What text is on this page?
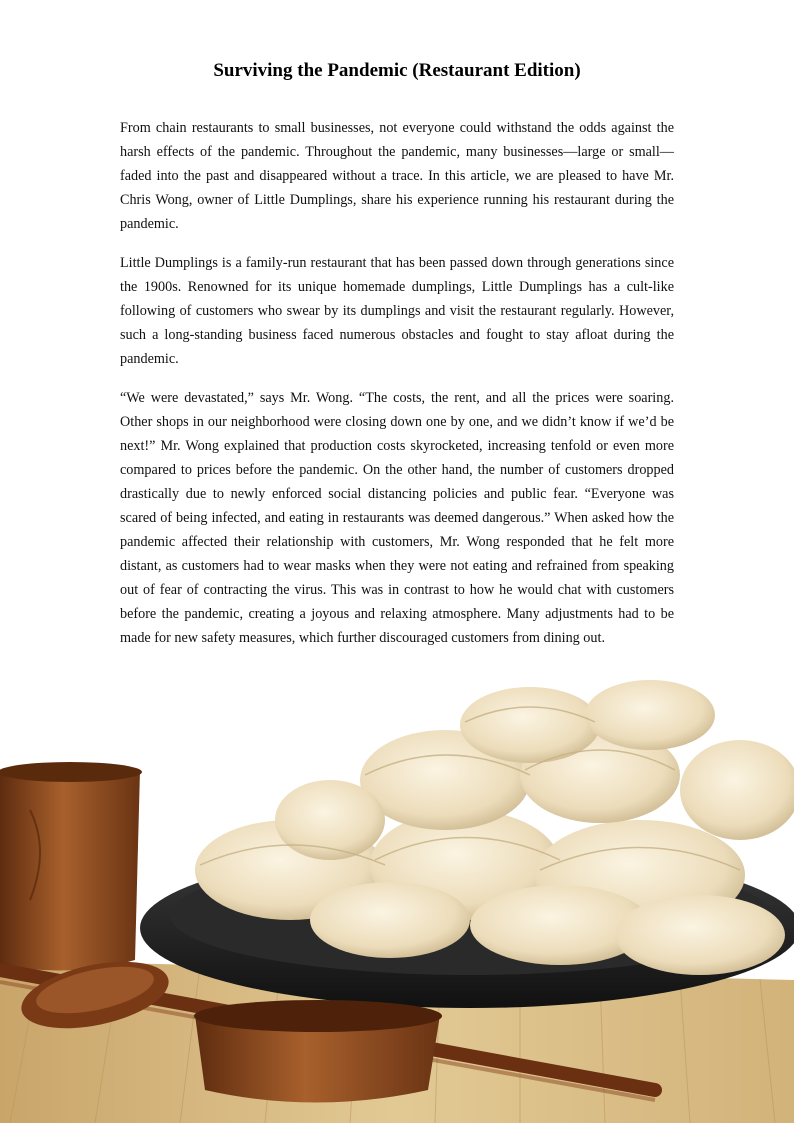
Surviving the Pandemic (Restaurant Edition)

From chain restaurants to small businesses, not everyone could withstand the odds against the harsh effects of the pandemic. Throughout the pandemic, many businesses—large or small—faded into the past and disappeared without a trace. In this article, we are pleased to have Mr. Chris Wong, owner of Little Dumplings, share his experience running his restaurant during the pandemic.

Little Dumplings is a family-run restaurant that has been passed down through generations since the 1900s. Renowned for its unique homemade dumplings, Little Dumplings has a cult-like following of customers who swear by its dumplings and visit the restaurant regularly. However, such a long-standing business faced numerous obstacles and fought to stay afloat during the pandemic.

“We were devastated,” says Mr. Wong. “The costs, the rent, and all the prices were soaring. Other shops in our neighborhood were closing down one by one, and we didn’t know if we’d be next!” Mr. Wong explained that production costs skyrocketed, increasing tenfold or even more compared to prices before the pandemic. On the other hand, the number of customers dropped drastically due to newly enforced social distancing policies and public fear. “Everyone was scared of being infected, and eating in restaurants was deemed dangerous.” When asked how the pandemic affected their relationship with customers, Mr. Wong responded that he felt more distant, as customers had to wear masks when they were not eating and refrained from speaking out of fear of contracting the virus. This was in contrast to how he would chat with customers before the pandemic, creating a joyous and relaxing atmosphere. Many adjustments had to be made for new safety measures, which further discouraged customers from dining out.
